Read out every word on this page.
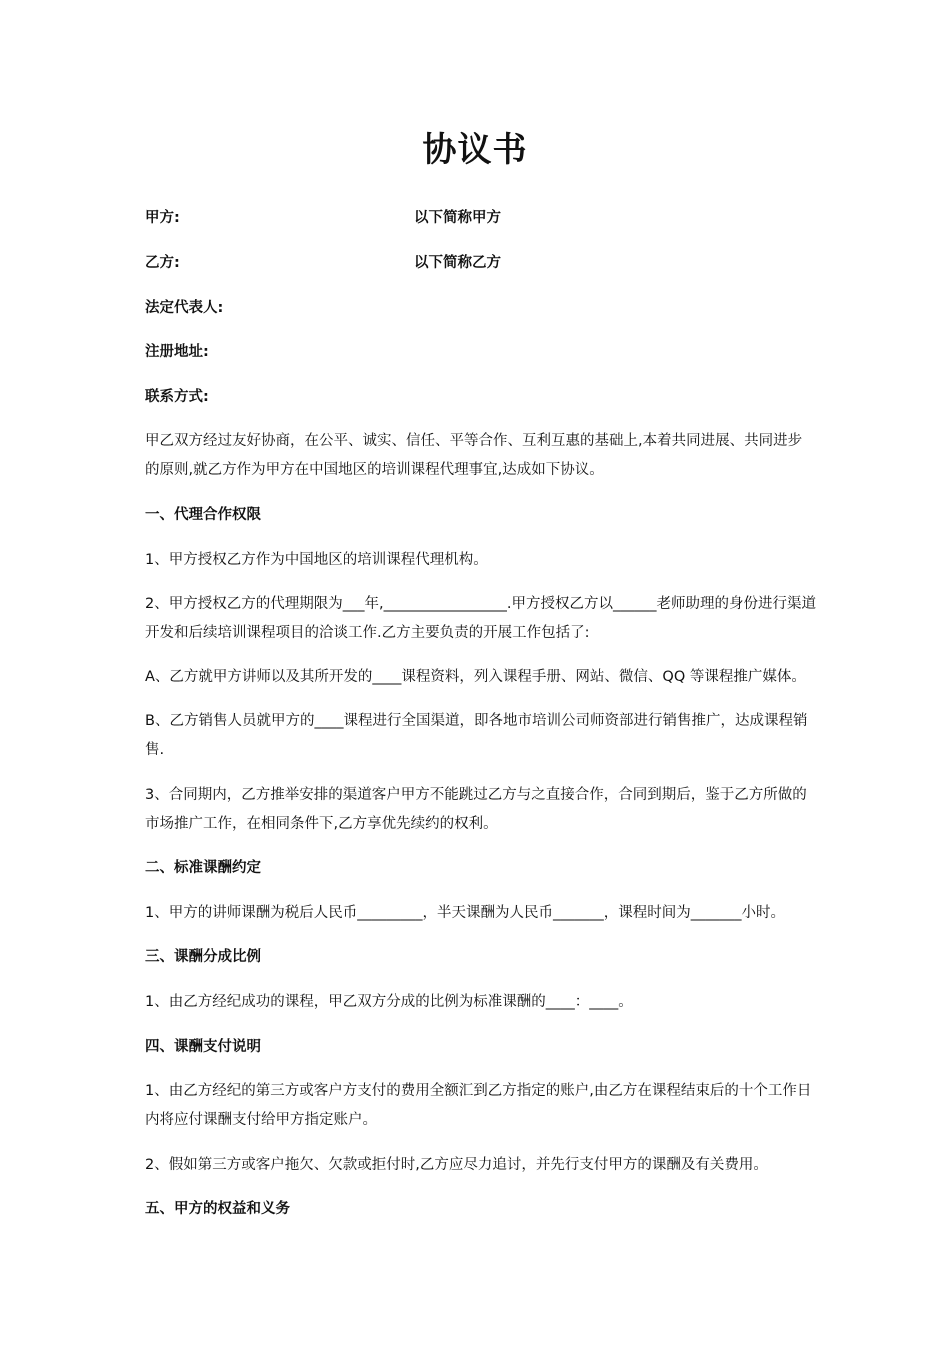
协议书
甲方:	以下简称甲方
乙方:	以下简称乙方
法定代表人:
注册地址:
联系方式:
甲乙双方经过友好协商，在公平、诚实、信任、平等合作、互利互惠的基础上,本着共同进展、共同进步
的原则,就乙方作为甲方在中国地区的培训课程代理事宜,达成如下协议。
一、代理合作权限
1、甲方授权乙方作为中国地区的培训课程代理机构。
2、甲方授权乙方的代理期限为___年,_________________.甲方授权乙方以______老师助理的身份进行渠道
开发和后续培训课程项目的洽谈工作.乙方主要负责的开展工作包括了:
A、乙方就甲方讲师以及其所开发的____课程资料，列入课程手册、网站、微信、QQ 等课程推广媒体。
B、乙方销售人员就甲方的____课程进行全国渠道，即各地市培训公司师资部进行销售推广，达成课程销
售.
3、合同期内，乙方推举安排的渠道客户甲方不能跳过乙方与之直接合作，合同到期后，鉴于乙方所做的
市场推广工作，在相同条件下,乙方享优先续约的权利。
二、标准课酬约定
1、甲方的讲师课酬为税后人民币_________，半天课酬为人民币_______，课程时间为_______小时。
三、课酬分成比例
1、由乙方经纪成功的课程，甲乙双方分成的比例为标准课酬的____：____。
四、课酬支付说明
1、由乙方经纪的第三方或客户方支付的费用全额汇到乙方指定的账户,由乙方在课程结束后的十个工作日
内将应付课酬支付给甲方指定账户。
2、假如第三方或客户拖欠、欠款或拒付时,乙方应尽力追讨，并先行支付甲方的课酬及有关费用。
五、甲方的权益和义务
